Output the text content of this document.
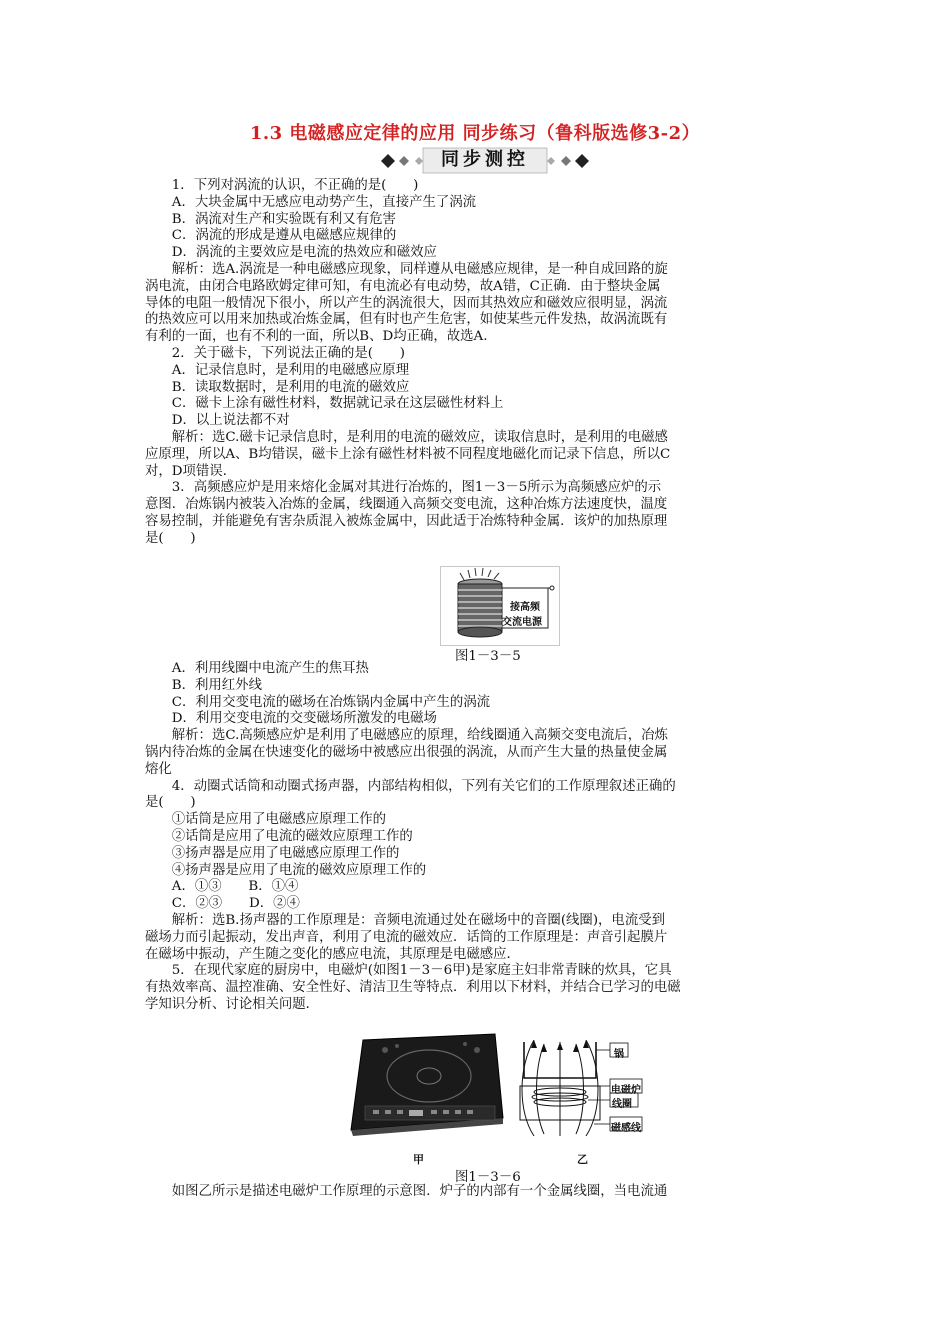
1.3 电磁感应定律的应用 同步练习（鲁科版选修3-2）
同步测控
　　1．下列对涡流的认识，不正确的是(　　)
　　A．大块金属中无感应电动势产生，直接产生了涡流
　　B．涡流对生产和实验既有利又有危害
　　C．涡流的形成是遵从电磁感应规律的
　　D．涡流的主要效应是电流的热效应和磁效应
　　解析：选A.涡流是一种电磁感应现象，同样遵从电磁感应规律，是一种自成回路的旋
涡电流，由闭合电路欧姆定律可知，有电流必有电动势，故A错，C正确．由于整块金属
导体的电阻一般情况下很小，所以产生的涡流很大，因而其热效应和磁效应很明显，涡流
的热效应可以用来加热或冶炼金属，但有时也产生危害，如使某些元件发热，故涡流既有
有利的一面，也有不利的一面，所以B、D均正确，故选A.
　　2．关于磁卡，下列说法正确的是(　　)
　　A．记录信息时，是利用的电磁感应原理
　　B．读取数据时，是利用的电流的磁效应
　　C．磁卡上涂有磁性材料，数据就记录在这层磁性材料上
　　D．以上说法都不对
　　解析：选C.磁卡记录信息时，是利用的电流的磁效应，读取信息时，是利用的电磁感
应原理，所以A、B均错误，磁卡上涂有磁性材料被不同程度地磁化而记录下信息，所以C
对，D项错误．
　　3．高频感应炉是用来熔化金属对其进行冶炼的，图1－3－5所示为高频感应炉的示
意图．冶炼锅内被装入冶炼的金属，线圈通入高频交变电流，这种冶炼方法速度快，温度
容易控制，并能避免有害杂质混入被炼金属中，因此适于冶炼特种金属．该炉的加热原理
是(　　)
接高频
交流电源
图1－3－5
　　A．利用线圈中电流产生的焦耳热
　　B．利用红外线
　　C．利用交变电流的磁场在冶炼锅内金属中产生的涡流
　　D．利用交变电流的交变磁场所激发的电磁场
　　解析：选C.高频感应炉是利用了电磁感应的原理，给线圈通入高频交变电流后，冶炼
锅内待冶炼的金属在快速变化的磁场中被感应出很强的涡流，从而产生大量的热量使金属
熔化
　　4．动圈式话筒和动圈式扬声器，内部结构相似，下列有关它们的工作原理叙述正确的
是(　　)
　　①话筒是应用了电磁感应原理工作的
　　②话筒是应用了电流的磁效应原理工作的
　　③扬声器是应用了电磁感应原理工作的
　　④扬声器是应用了电流的磁效应原理工作的
　　A．①③　　B．①④
　　C．②③　　D．②④
　　解析：选B.扬声器的工作原理是：音频电流通过处在磁场中的音圈(线圈)，电流受到
磁场力而引起振动，发出声音，利用了电流的磁效应．话筒的工作原理是：声音引起膜片
在磁场中振动，产生随之变化的感应电流，其原理是电磁感应．
　　5．在现代家庭的厨房中，电磁炉(如图1－3－6甲)是家庭主妇非常青睐的炊具，它具
有热效率高、温控准确、安全性好、清洁卫生等特点．利用以下材料，并结合已学习的电磁
学知识分析、讨论相关问题．
锅
电磁炉
线圈
磁感线
甲	乙
图1－3－6
　　如图乙所示是描述电磁炉工作原理的示意图．炉子的内部有一个金属线圈，当电流通
